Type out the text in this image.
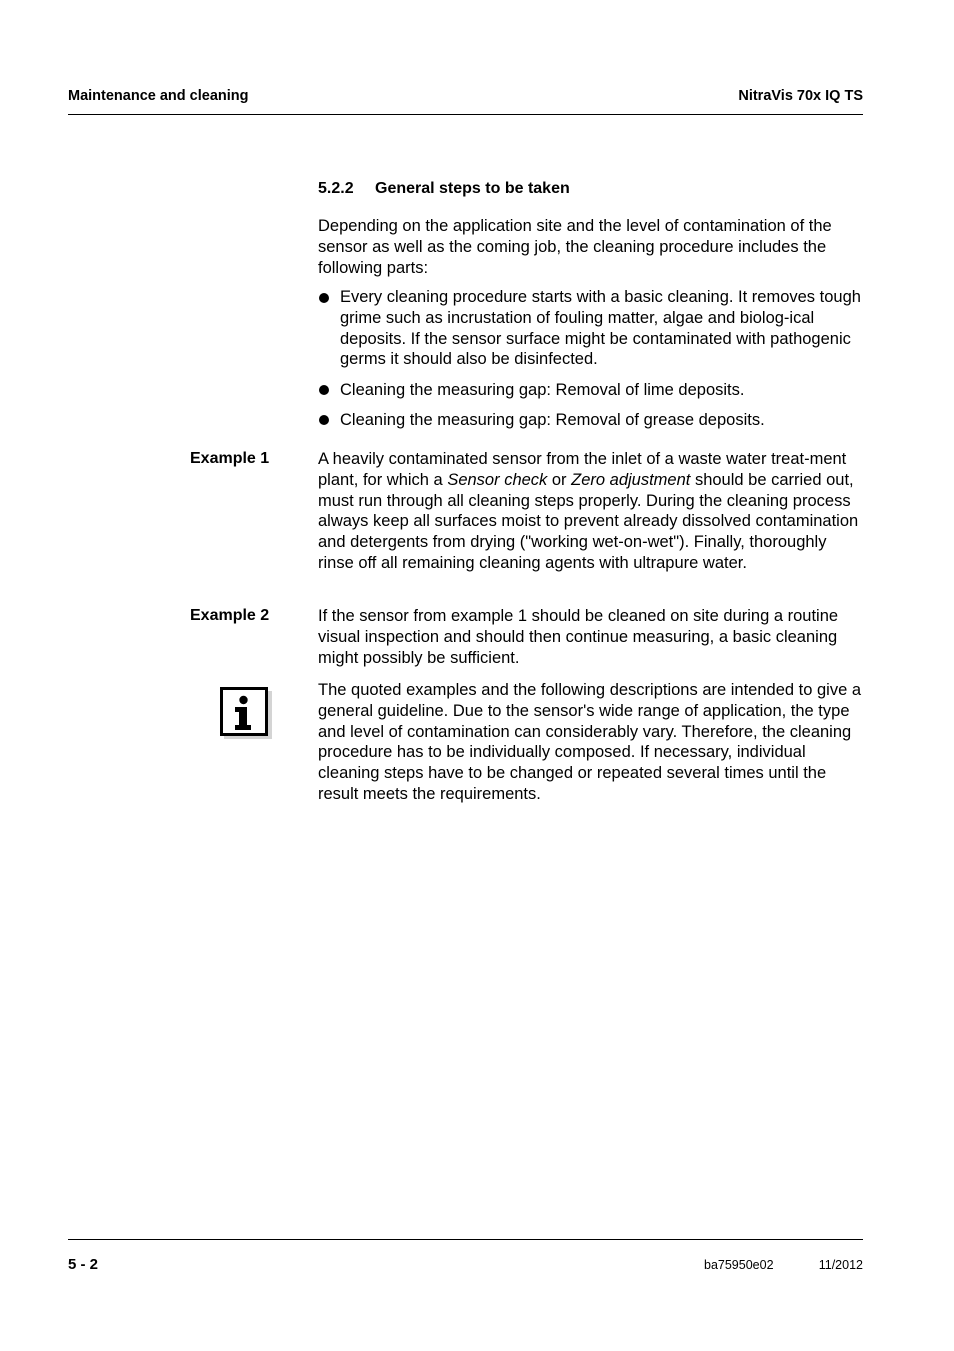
Maintenance and cleaning	NitraVis 70x IQ TS
5.2.2 General steps to be taken
Depending on the application site and the level of contamination of the sensor as well as the coming job, the cleaning procedure includes the following parts:
Every cleaning procedure starts with a basic cleaning. It removes tough grime such as incrustation of fouling matter, algae and biolog-ical deposits. If the sensor surface might be contaminated with pathogenic germs it should also be disinfected.
Cleaning the measuring gap: Removal of lime deposits.
Cleaning the measuring gap: Removal of grease deposits.
Example 1	A heavily contaminated sensor from the inlet of a waste water treat-ment plant, for which a Sensor check or Zero adjustment should be carried out, must run through all cleaning steps properly. During the cleaning process always keep all surfaces moist to prevent already dissolved contamination and detergents from drying ("working wet-on-wet"). Finally, thoroughly rinse off all remaining cleaning agents with ultrapure water.
Example 2	If the sensor from example 1 should be cleaned on site during a routine visual inspection and should then continue measuring, a basic cleaning might possibly be sufficient.
The quoted examples and the following descriptions are intended to give a general guideline. Due to the sensor's wide range of application, the type and level of contamination can considerably vary. Therefore, the cleaning procedure has to be individually composed. If necessary, individual cleaning steps have to be changed or repeated several times until the result meets the requirements.
5 - 2	ba75950e02	11/2012
